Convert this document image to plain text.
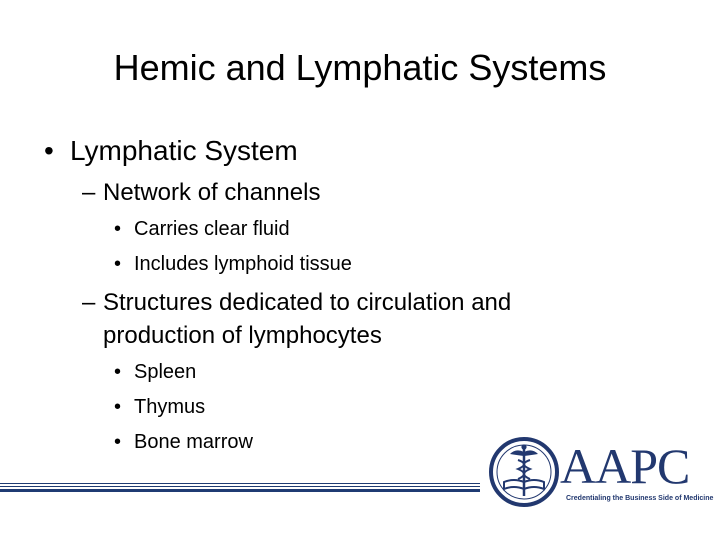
Hemic and Lymphatic Systems
• Lymphatic System
– Network of channels
• Carries clear fluid
• Includes lymphoid tissue
– Structures dedicated to circulation and production of lymphocytes
• Spleen
• Thymus
• Bone marrow	AAPC
Credentialing the Business Side of Medicine
